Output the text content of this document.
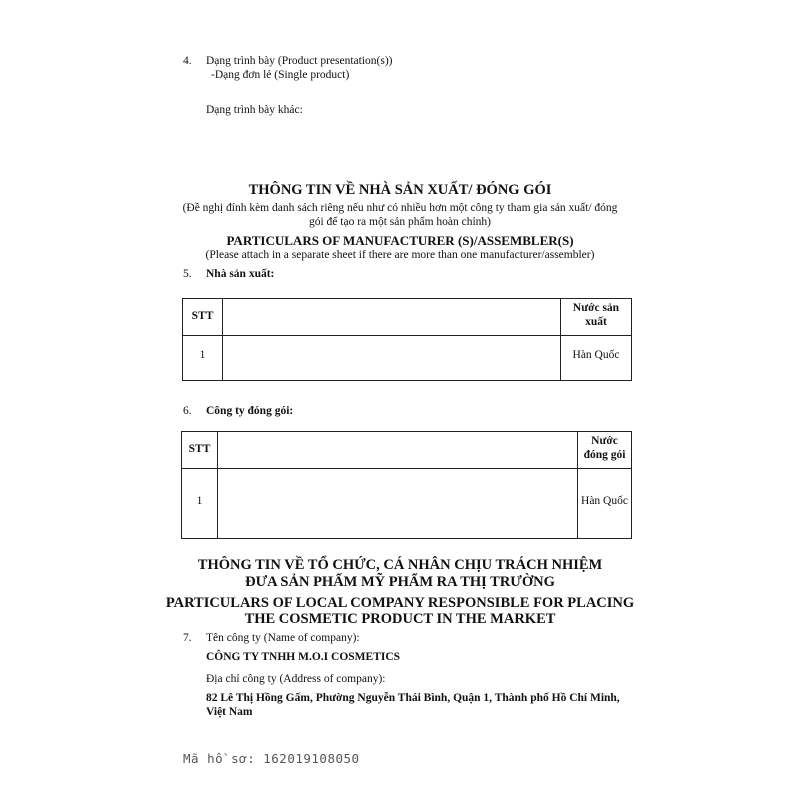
4. Dạng trình bày (Product presentation(s))
-Dạng đơn lẻ (Single product)
Dạng trình bày khác:
THÔNG TIN VỀ NHÀ SẢN XUẤT/ ĐÓNG GÓI
(Đề nghị đính kèm danh sách riêng nếu như có nhiều hơn một công ty tham gia sản xuất/ đóng
gói để tạo ra một sản phẩm hoàn chỉnh)
PARTICULARS OF MANUFACTURER (S)/ASSEMBLER(S)
(Please attach in a separate sheet if there are more than one manufacturer/assembler)
5. Nhà sản xuất:
STT
Nước sản
xuất
1	Hàn Quốc
6. Công ty đóng gói:
STT
Nước
đóng gói
1	Hàn Quốc
THÔNG TIN VỀ TỔ CHỨC, CÁ NHÂN CHỊU TRÁCH NHIỆM
ĐƯA SẢN PHẨM MỸ PHẨM RA THỊ TRƯỜNG
PARTICULARS OF LOCAL COMPANY RESPONSIBLE FOR PLACING
THE COSMETIC PRODUCT IN THE MARKET
7. Tên công ty (Name of company):
CÔNG TY TNHH M.O.I COSMETICS
Địa chỉ công ty (Address of company):
82 Lê Thị Hồng Gấm, Phường Nguyễn Thái Bình, Quận 1, Thành phố Hồ Chí Minh,
Việt Nam
Mã hồ sơ: 162019108050
